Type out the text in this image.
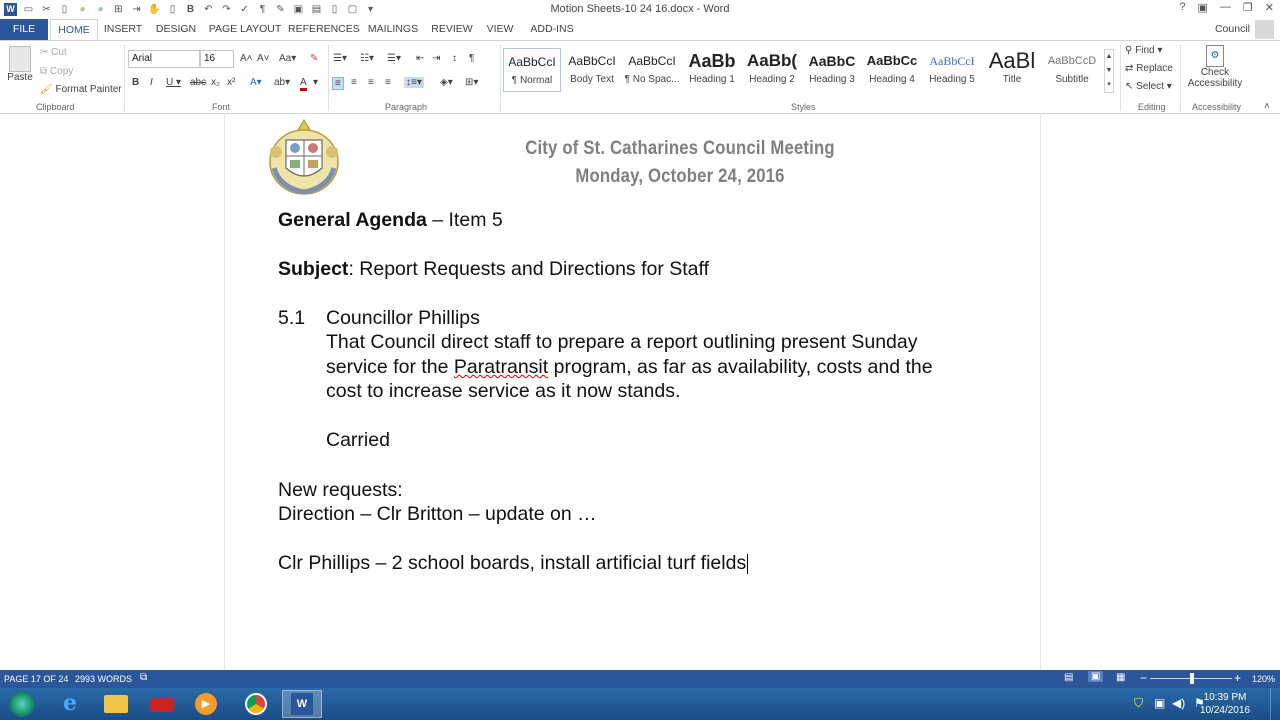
W ▭ ✂	▯	●	●	⊞ ⇥ ✋ ▯	B ↶ ↷ ✓	¶	✎ ▣ ▤	▯	▢	▾	Motion Sheets-10 24 16.docx - Word	? ▣ — ❐ ✕
FILE	HOME	INSERT	DESIGN	PAGE LAYOUT REFERENCES MAILINGS	REVIEW	VIEW	ADD-INS	Council
Paste
✂ Cut
⧉ Copy
🖌 Format Painter
Clipboard
Arial	16	A˄ A˅ Aa▾ ✎
B I U ▾ abc x₂ x² A▾ ab▾ A ▾
Font
☰▾ ☷▾ ☰▾ ⇤ ⇥ ↕ ¶
≡	≡ ≡ ≡ ↕≡▾ ◈▾ ⊞▾
Paragraph
AaBbCcI
¶ Normal
AaBbCcI
Body Text
AaBbCcI
¶ No Spac...
AaBb
Heading 1
AaBb(
Heading 2
AaBbC
Heading 3
AaBbCc
Heading 4
AaBbCcI
Heading 5
AaBl
Title
AaBbCcD
Subtitle
▲
▼
▾
Styles
⚲ Find ▾
⇄ Replace
↖ Select ▾
Editing
⚙
Check
Accessibility
Accessibility ˄
City of St. Catharines Council Meeting
Monday, October 24, 2016
General Agenda – Item 5
Subject: Report Requests and Directions for Staff
5.1 Councillor Phillips
That Council direct staff to prepare a report outlining present Sunday
service for the Paratransit program, as far as availability, costs and the
cost to increase service as it now stands.
Carried
New requests:
Direction – Clr Britton – update on …
Clr Phillips – 2 school boards, install artificial turf fields
PAGE 17 OF 24 2993 WORDS ⧉	▤	▣	▦ −	+ 120%
e	▶	W	⛉ ▣ ◀) ⚑
10:39 PM
10/24/2016
